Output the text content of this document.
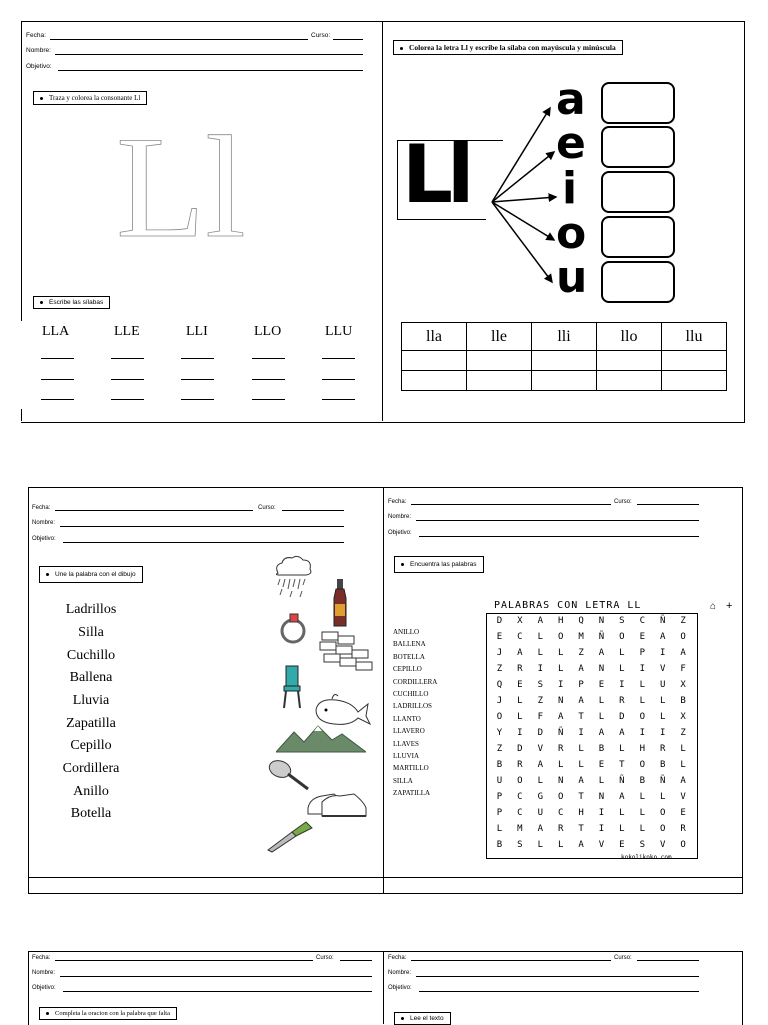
Fecha:	Curso:
Nombre:
Objetivo:
Traza y colorea la consonante Ll
Ll
Escribe las sílabas
LLA	LLE	LLI	LLO	LLU
Colorea la letra Ll y escribe la sílaba con mayúscula y minúscula
Ll
a
e
i
o
u
lla	lle	lli	llo	llu

Fecha:	Curso:
Nombre:
Objetivo:
Une la palabra con el dibujo
Ladrillos
Silla
Cuchillo
Ballena
Lluvia
Zapatilla
Cepillo
Cordillera
Anillo
Botella
Fecha:	Curso:
Nombre:
Objetivo:
Encuentra las palabras
PALABRAS CON LETRA LL	⌂ +
ANILLO
BALLENA
BOTELLA
CEPILLO
CORDILLERA
CUCHILLO
LADRILLOS
LLANTO
LLAVERO
LLAVES
LLUVIA
MARTILLO
SILLA
ZAPATILLA
D	X	A	H	Q	N	S	C	Ñ	Z
E	C	L	O	M	Ñ	O	E	A	O
J	A	L	L	Z	A	L	P	I	A
Z	R	I	L	A	N	L	I	V	F
Q	E	S	I	P	E	I	L	U	X
J	L	Z	N	A	L	R	L	L	B
O	L	F	A	T	L	D	O	L	X
Y	I	D	Ñ	I	A	A	I	I	Z
Z	D	V	R	L	B	L	H	R	L
B	R	A	L	L	E	T	O	B	L
U	O	L	N	A	L	Ñ	B	Ñ	A
P	C	G	O	T	N	A	L	L	V
P	C	U	C	H	I	L	L	O	E
L	M	A	R	T	I	L	L	O	R
B	S	L	L	A	V	E	S	V	O
kokolikoko.com
Fecha:	Curso:
Nombre:
Objetivo:
Completa la oracion con la palabra que falta
Fecha:	Curso:
Nombre:
Objetivo:
Lee el texto
